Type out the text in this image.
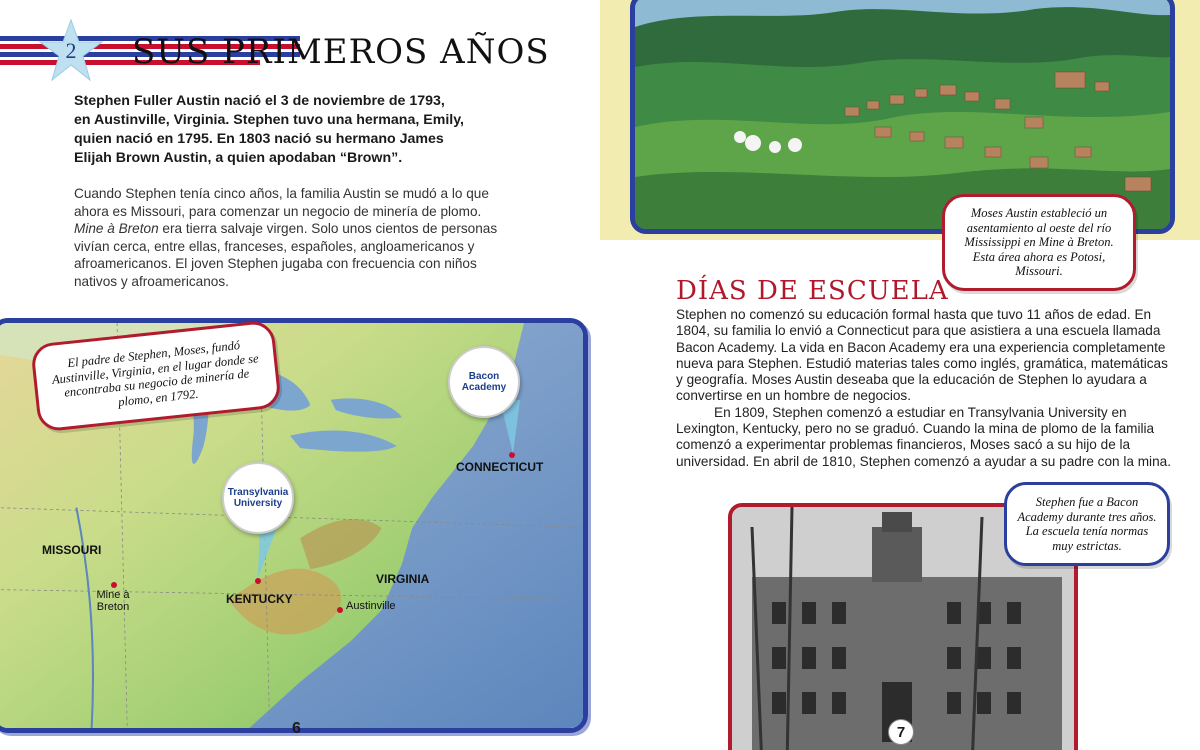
2	SUS PRIMEROS AÑOS

Stephen Fuller Austin nació el 3 de noviembre de 1793, en Austinville, Virginia. Stephen tuvo una hermana, Emily, quien nació en 1795. En 1803 nació su hermano James Elijah Brown Austin, a quien apodaban “Brown”.

Cuando Stephen tenía cinco años, la familia Austin se mudó a lo que ahora es Missouri, para comenzar un negocio de minería de plomo. Mine à Breton era tierra salvaje virgen. Solo unos cientos de personas vivían cerca, entre ellas, franceses, españoles, angloamericanos y afroamericanos. El joven Stephen jugaba con frecuencia con niños nativos y afroamericanos.

MISSOURI
KENTUCKY
VIRGINIA
CONNECTICUT
Mine à
Breton	Austinville
Transylvania University
Bacon Academy
El padre de Stephen, Moses, fundó Austinville, Virginia, en el lugar donde se encontraba su negocio de minería de plomo, en 1792.
6
Moses Austin estableció un asentamiento al oeste del río Mississippi en Mine à Breton. Esta área ahora es Potosi, Missouri.
DÍAS DE ESCUELA

Stephen no comenzó su educación formal hasta que tuvo 11 años de edad. En 1804, su familia lo envió a Connecticut para que asistiera a una escuela llamada Bacon Academy. La vida en Bacon Academy era una experiencia completamente nueva para Stephen. Estudió materias tales como inglés, gramática, matemáticas y geografía. Moses Austin deseaba que la educación de Stephen lo ayudara a convertirse en un hombre de negocios.

En 1809, Stephen comenzó a estudiar en Transylvania University en Lexington, Kentucky, pero no se graduó. Cuando la mina de plomo de la familia comenzó a experimentar problemas financieros, Moses sacó a su hijo de la universidad. En abril de 1810, Stephen comenzó a ayudar a su padre con la mina.

Stephen fue a Bacon Academy durante tres años. La escuela tenía normas muy estrictas.
7
